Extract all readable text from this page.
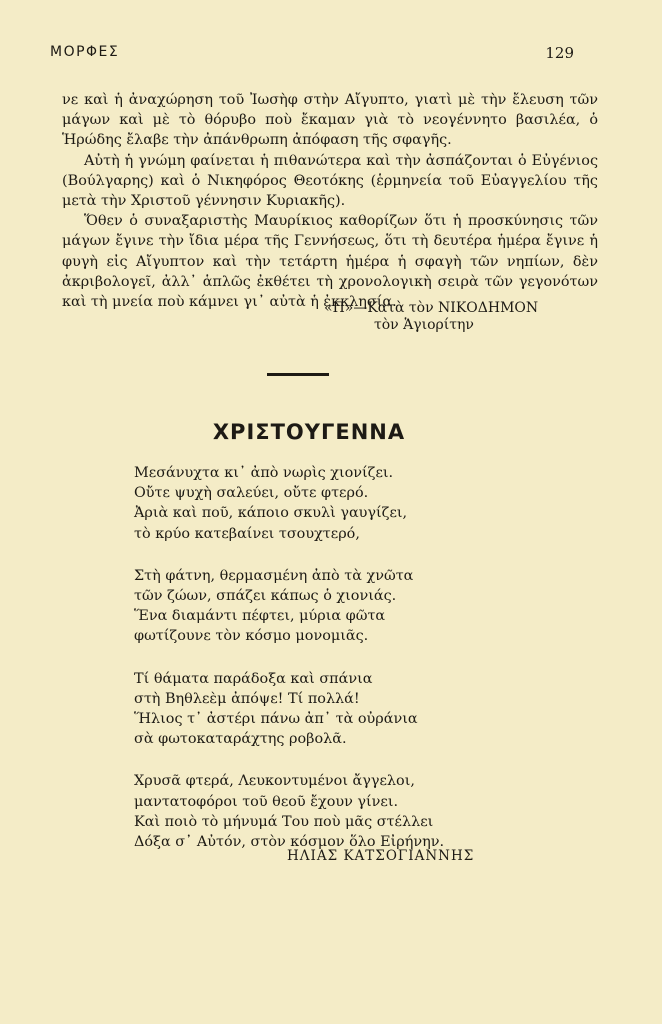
ΜΟΡΦΕΣ	129

νε καὶ ἡ ἀναχώρηση τοῦ Ἰωσὴφ στὴν Αἴγυπτο, γιατὶ μὲ τὴν ἔλευση τῶν μάγων καὶ μὲ τὸ θόρυβο ποὺ ἔκαμαν γιὰ τὸ νεογέννητο βασιλέα, ὁ Ἡρώδης ἔλαβε τὴν ἀπάνθρωπη ἀπόφαση τῆς σφαγῆς.

Αὐτὴ ἡ γνώμη φαίνεται ἡ πιθανώτερα καὶ τὴν ἀσπάζονται ὁ Εὐγένιος (Βούλγαρης) καὶ ὁ Νικηφόρος Θεοτόκης (ἑρμηνεία τοῦ Εὐαγγελίου τῆς μετὰ τὴν Χριστοῦ γέννησιν Κυριακῆς).

Ὅθεν ὁ συναξαριστὴς Μαυρίκιος καθορίζων ὅτι ἡ προσκύνησις τῶν μάγων ἔγινε τὴν ἴδια μέρα τῆς Γεννήσεως, ὅτι τὴ δευτέρα ἡμέρα ἔγινε ἡ φυγὴ εἰς Αἴγυπτον καὶ τὴν τετάρτη ἡμέρα ἡ σφαγὴ τῶν νηπίων, δὲν ἀκριβολογεῖ, ἀλλ᾽ ἁπλῶς ἐκθέτει τὴ χρονολογικὴ σειρὰ τῶν γεγονότων καὶ τὴ μνεία ποὺ κάμνει γι᾽ αὐτὰ ἡ ἐκκλησία.

«Π»—Κατὰ τὸν ΝΙΚΟΔΗΜΟΝ
τὸν Ἁγιορίτην
ΧΡΙΣΤΟΥΓΕΝΝΑ
Μεσάνυχτα κι᾽ ἀπὸ νωρὶς χιονίζει.
Οὔτε ψυχὴ σαλεύει, οὔτε φτερό.
Ἀριὰ καὶ ποῦ, κάποιο σκυλὶ γαυγίζει,
τὸ κρύο κατεβαίνει τσουχτερό,
Στὴ φάτνη, θερμασμένη ἀπὸ τὰ χνῶτα
τῶν ζώων, σπάζει κάπως ὁ χιονιάς.
Ἕνα διαμάντι πέφτει, μύρια φῶτα
φωτίζουνε τὸν κόσμο μονομιᾶς.
Τί θάματα παράδοξα καὶ σπάνια
στὴ Βηθλεὲμ ἀπόψε! Τί πολλά!
Ἥλιος τ᾽ ἀστέρι πάνω ἀπ᾽ τὰ οὐράνια
σὰ φωτοκαταράχτης ροβολᾶ.
Χρυσᾶ φτερά, Λευκοντυμένοι ἄγγελοι,
μαντατοφόροι τοῦ θεοῦ ἔχουν γίνει.
Καὶ ποιὸ τὸ μήνυμά Του ποὺ μᾶς στέλλει
Δόξα σ᾽ Αὐτόν, στὸν κόσμον ὅλο Εἰρήνην.
ΗΛΙΑΣ ΚΑΤΣΟΓΙΑΝΝΗΣ
